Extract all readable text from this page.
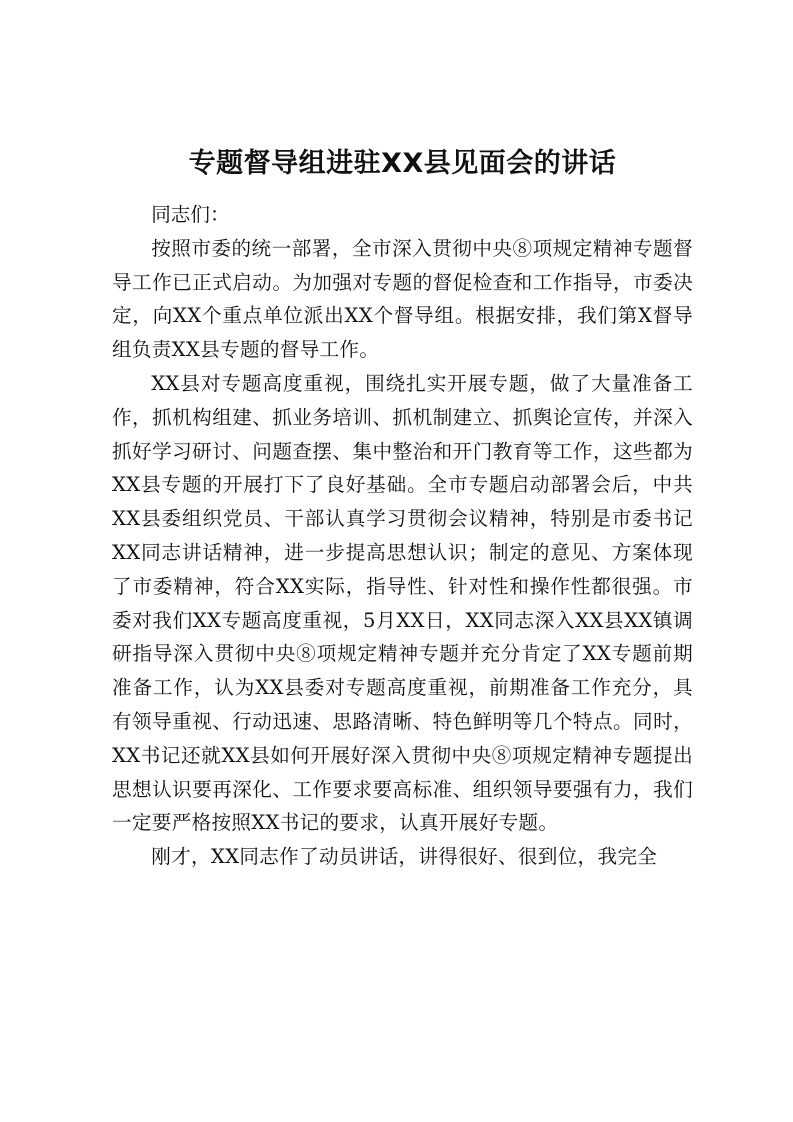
专题督导组进驻XX县见面会的讲话

同志们：

按照市委的统一部署，全市深入贯彻中央⑧项规定精神专题督导工作已正式启动。为加强对专题的督促检查和工作指导，市委决定，向XX个重点单位派出XX个督导组。根据安排，我们第X督导组负责XX县专题的督导工作。

XX县对专题高度重视，围绕扎实开展专题，做了大量准备工作，抓机构组建、抓业务培训、抓机制建立、抓舆论宣传，并深入抓好学习研讨、问题查摆、集中整治和开门教育等工作，这些都为XX县专题的开展打下了良好基础。全市专题启动部署会后，中共XX县委组织党员、干部认真学习贯彻会议精神，特别是市委书记XX同志讲话精神，进一步提高思想认识；制定的意见、方案体现了市委精神，符合XX实际，指导性、针对性和操作性都很强。市委对我们XX专题高度重视，5月XX日，XX同志深入XX县XX镇调研指导深入贯彻中央⑧项规定精神专题并充分肯定了XX专题前期准备工作，认为XX县委对专题高度重视，前期准备工作充分，具有领导重视、行动迅速、思路清晰、特色鲜明等几个特点。同时，XX书记还就XX县如何开展好深入贯彻中央⑧项规定精神专题提出思想认识要再深化、工作要求要高标准、组织领导要强有力，我们一定要严格按照XX书记的要求，认真开展好专题。

刚才，XX同志作了动员讲话，讲得很好、很到位，我完全
